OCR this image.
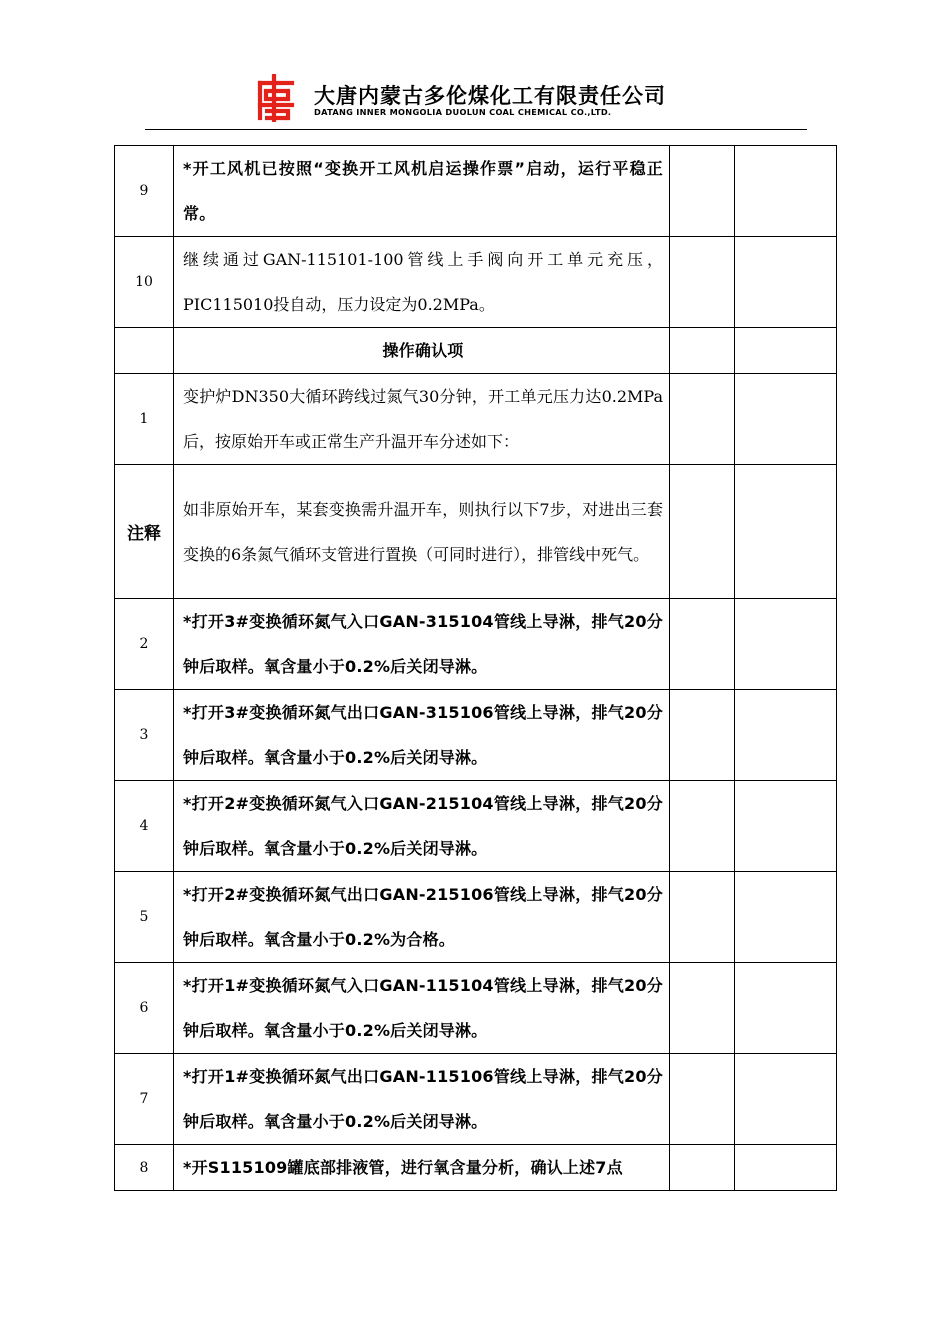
大唐内蒙古多伦煤化工有限责任公司
DATANG INNER MONGOLIA DUOLUN COAL CHEMICAL CO.,LTD.
9	*开工风机已按照“变换开工风机启运操作票”启动，运行平稳正常。		
10	继续通过GAN-115101-100管线上手阀向开工单元充压，PIC115010投自动，压力设定为0.2MPa。		
	操作确认项		
1	变护炉DN350大循环跨线过氮气30分钟，开工单元压力达0.2MPa后，按原始开车或正常生产升温开车分述如下：		
注释	如非原始开车，某套变换需升温开车，则执行以下7步，对进出三套变换的6条氮气循环支管进行置换（可同时进行），排管线中死气。		
2	*打开3#变换循环氮气入口GAN-315104管线上导淋，排气20分钟后取样。氧含量小于0.2%后关闭导淋。		
3	*打开3#变换循环氮气出口GAN-315106管线上导淋，排气20分钟后取样。氧含量小于0.2%后关闭导淋。		
4	*打开2#变换循环氮气入口GAN-215104管线上导淋，排气20分钟后取样。氧含量小于0.2%后关闭导淋。		
5	*打开2#变换循环氮气出口GAN-215106管线上导淋，排气20分钟后取样。氧含量小于0.2%为合格。		
6	*打开1#变换循环氮气入口GAN-115104管线上导淋，排气20分钟后取样。氧含量小于0.2%后关闭导淋。		
7	*打开1#变换循环氮气出口GAN-115106管线上导淋，排气20分钟后取样。氧含量小于0.2%后关闭导淋。		
8	*开S115109罐底部排液管，进行氧含量分析，确认上述7点		
